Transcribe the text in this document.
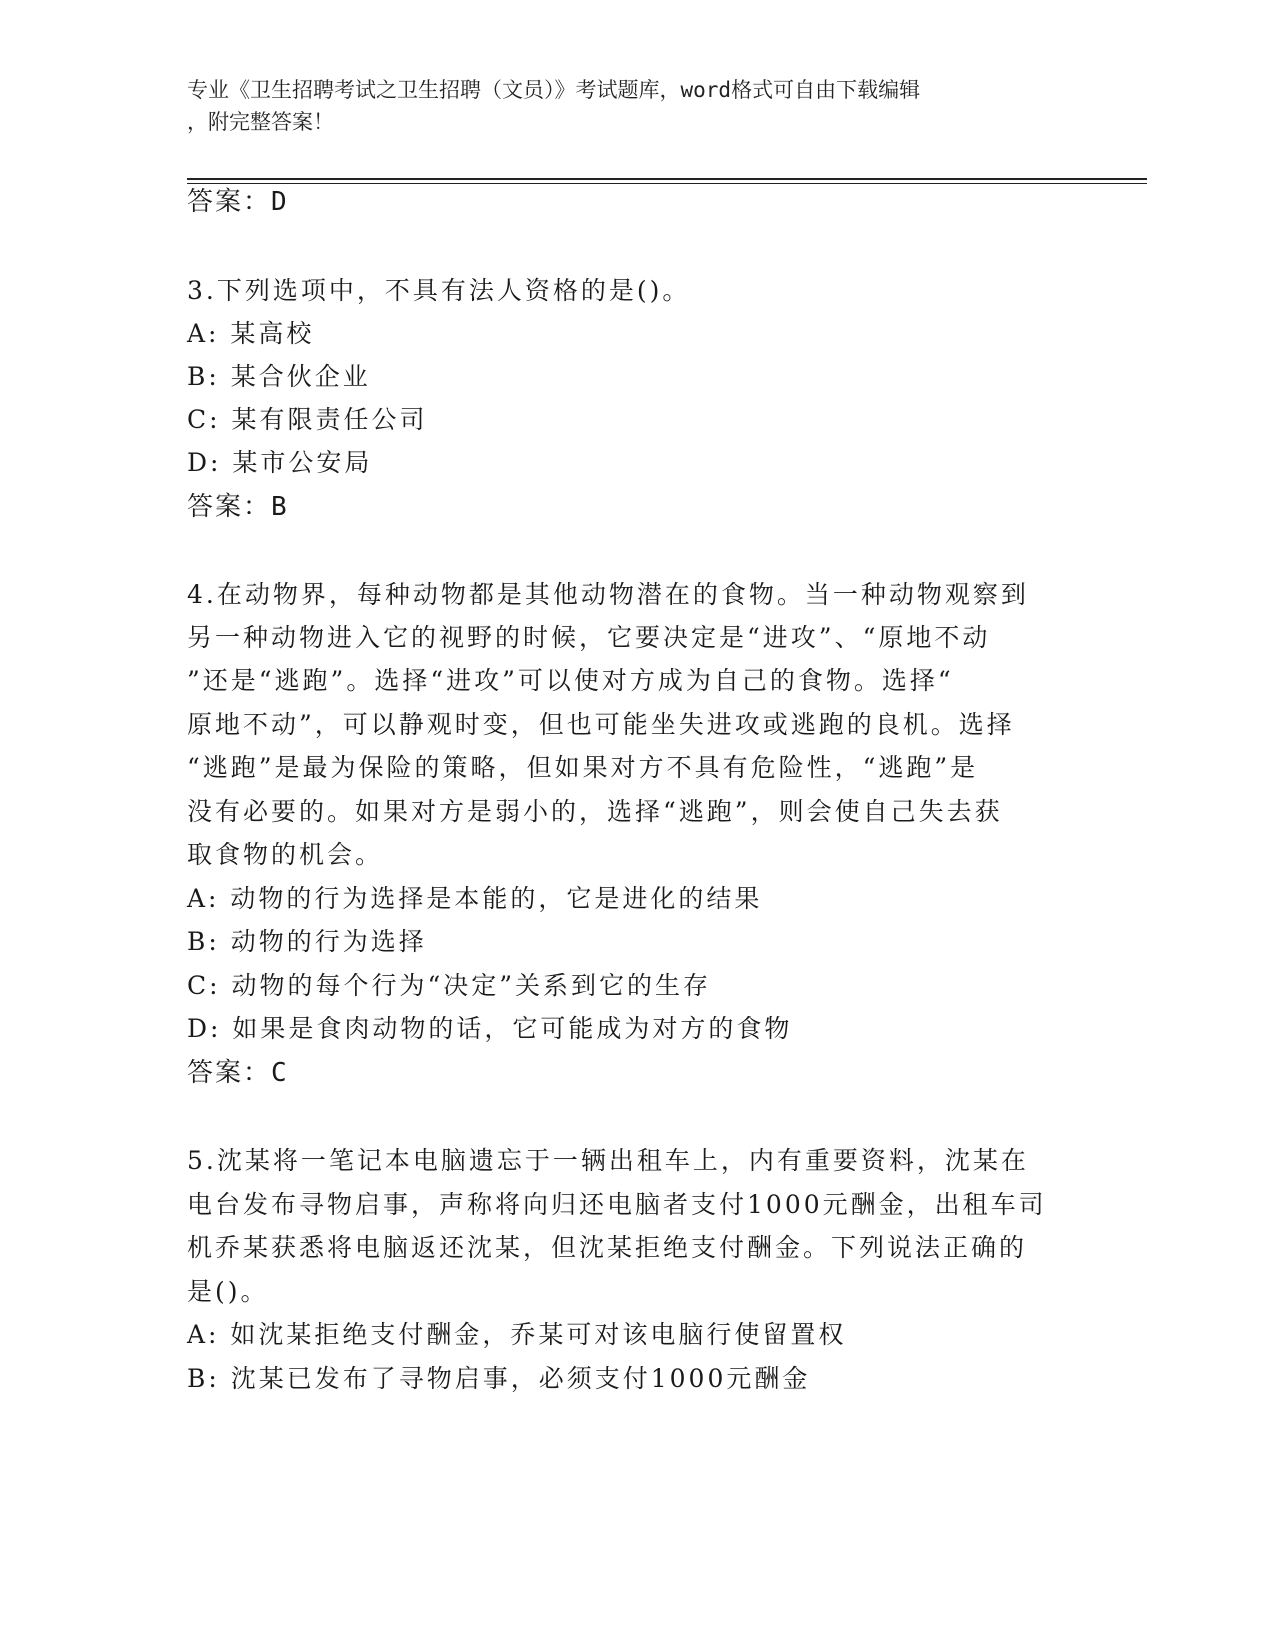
专业《卫生招聘考试之卫生招聘（文员）》考试题库，word格式可自由下载编辑
，附完整答案！
答案：D
3.下列选项中，不具有法人资格的是()。
A: 某高校
B: 某合伙企业
C: 某有限责任公司
D: 某市公安局
答案：B
4.在动物界，每种动物都是其他动物潜在的食物。当一种动物观察到
另一种动物进入它的视野的时候，它要决定是“进攻”、“原地不动
”还是“逃跑”。选择“进攻”可以使对方成为自己的食物。选择“
原地不动”，可以静观时变，但也可能坐失进攻或逃跑的良机。选择
“逃跑”是最为保险的策略，但如果对方不具有危险性，“逃跑”是
没有必要的。如果对方是弱小的，选择“逃跑”，则会使自己失去获
取食物的机会。
A: 动物的行为选择是本能的，它是进化的结果
B: 动物的行为选择
C: 动物的每个行为“决定”关系到它的生存
D: 如果是食肉动物的话，它可能成为对方的食物
答案：C
5.沈某将一笔记本电脑遗忘于一辆出租车上，内有重要资料，沈某在
电台发布寻物启事，声称将向归还电脑者支付1000元酬金，出租车司
机乔某获悉将电脑返还沈某，但沈某拒绝支付酬金。下列说法正确的
是()。
A: 如沈某拒绝支付酬金，乔某可对该电脑行使留置权
B: 沈某已发布了寻物启事，必须支付1000元酬金
